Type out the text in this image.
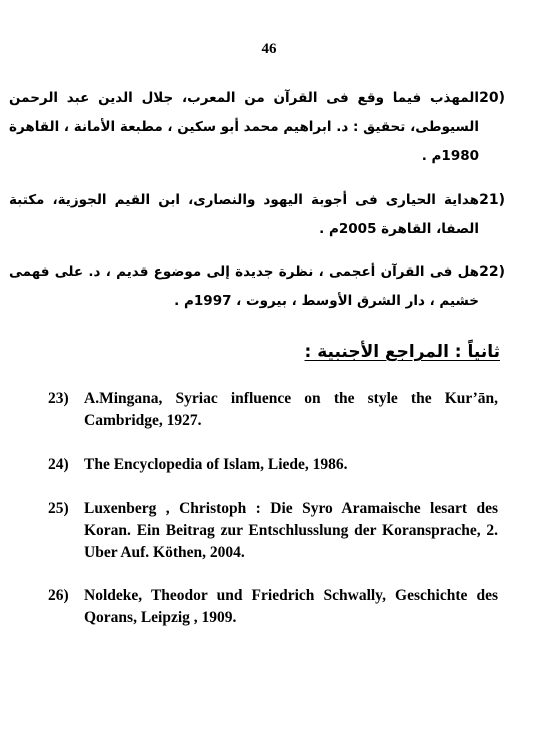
46
20)
المهذب فيما وقع فى القرآن من المعرب، جلال الدين عبد الرحمن السيوطى، تحقيق : د. ابراهيم محمد أبو سكين ، مطبعة الأمانة ، القاهرة 1980م .
21)
هداية الحيارى فى أجوبة اليهود والنصارى، ابن القيم الجوزية، مكتبة الصفا، القاهرة 2005م .
22)
هل فى القرآن أعجمى ، نظرة جديدة إلى موضوع قديم ، د. على فهمى خشيم ، دار الشرق الأوسط ، بيروت ، 1997م .
ثانياً : المراجع الأجنبية :
23) A.Mingana, Syriac influence on the style the Kur’ān, Cambridge, 1927.
24) The Encyclopedia of Islam, Liede, 1986.
25) Luxenberg , Christoph : Die Syro Aramaische lesart des Koran. Ein Beitrag zur Entschlusslung der Koransprache, 2. Uber Auf. Köthen, 2004.
26) Noldeke, Theodor und Friedrich Schwally, Geschichte des Qorans, Leipzig , 1909.
